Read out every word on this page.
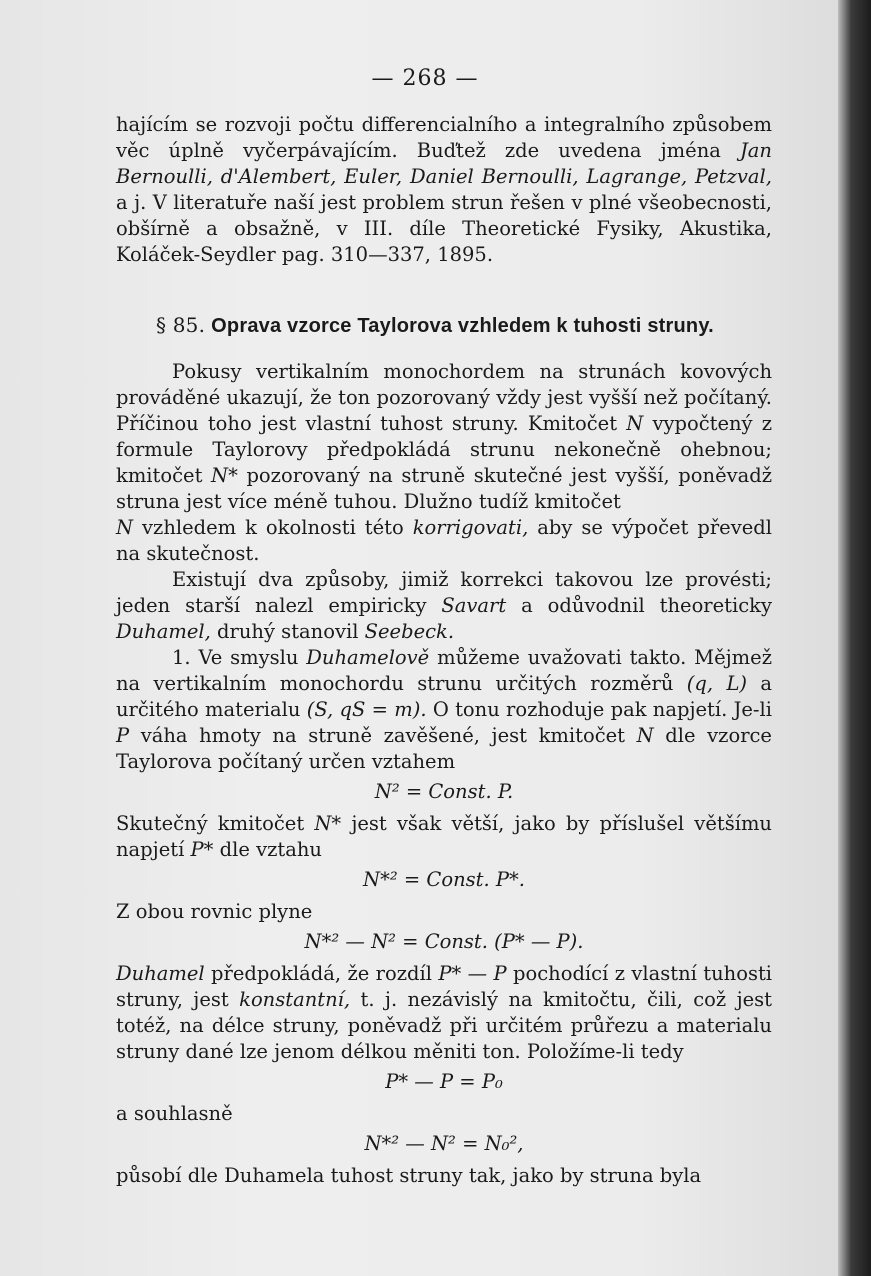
— 268 —

hajícím se rozvoji počtu differencialního a integralního způsobem věc úplně vyčerpávajícím. Buďtež zde uvedena jména Jan Bernoulli, d'Alembert, Euler, Daniel Bernoulli, Lagrange, Petzval, a j. V literatuře naší jest problem strun řešen v plné všeobecnosti, obšírně a obsažně, v III. díle Theoretické Fysiky, Akustika, Koláček-Seydler pag. 310—337, 1895.

§ 85. Oprava vzorce Taylorova vzhledem k tuhosti struny.

Pokusy vertikalním monochordem na strunách kovových prováděné ukazují, že ton pozorovaný vždy jest vyšší než počítaný. Příčinou toho jest vlastní tuhost struny. Kmitočet N vypočtený z formule Taylorovy předpokládá strunu nekonečně ohebnou; kmitočet N* pozorovaný na struně skutečné jest vyšší, poněvadž struna jest více méně tuhou. Dlužno tudíž kmitočet
N vzhledem k okolnosti této korrigovati, aby se výpočet převedl na skutečnost.

Existují dva způsoby, jimiž korrekci takovou lze provésti; jeden starší nalezl empiricky Savart a odůvodnil theoreticky Duhamel, druhý stanovil Seebeck.

1. Ve smyslu Duhamelově můžeme uvažovati takto. Mějmež na vertikalním monochordu strunu určitých rozměrů (q, L) a určitého materialu (S, qS = m). O tonu rozhoduje pak napjetí. Je-li P váha hmoty na struně zavěšené, jest kmitočet N dle vzorce Taylorova počítaný určen vztahem

N² = Const. P.

Skutečný kmitočet N* jest však větší, jako by příslušel většímu napjetí P* dle vztahu

N*² = Const. P*.

Z obou rovnic plyne

N*² — N² = Const. (P* — P).

Duhamel předpokládá, že rozdíl P* — P pochodící z vlastní tuhosti struny, jest konstantní, t. j. nezávislý na kmitočtu, čili, což jest totéž, na délce struny, poněvadž při určitém průřezu a materialu struny dané lze jenom délkou měniti ton. Položíme-li tedy

P* — P = P₀

a souhlasně

N*² — N² = N₀²,

působí dle Duhamela tuhost struny tak, jako by struna byla
